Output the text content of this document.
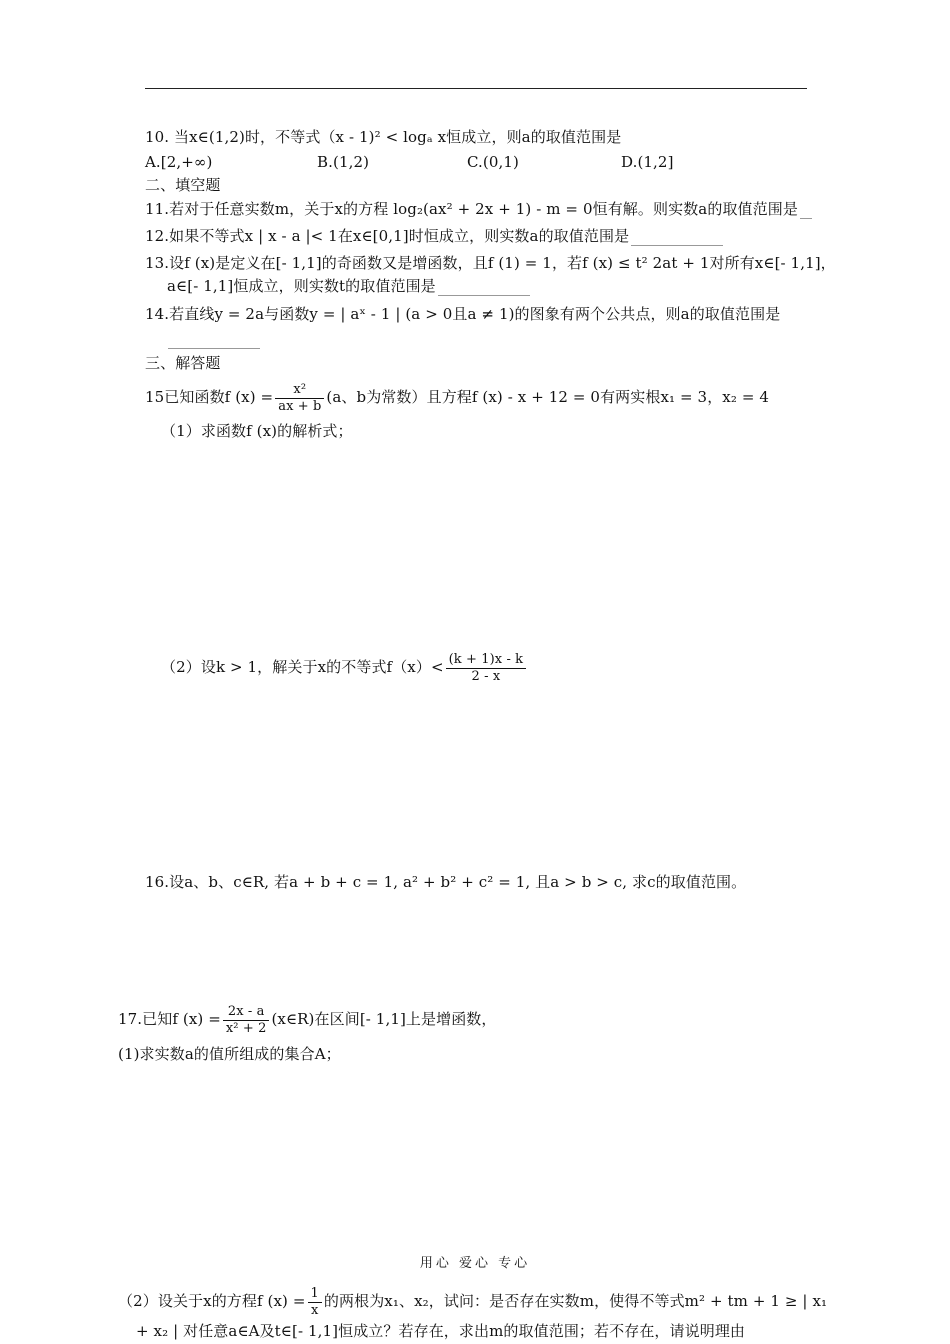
10. 当x∈(1,2)时，不等式（x - 1)² < logₐ x恒成立，则a的取值范围是
A.[2,+∞)	B.(1,2)	C.(0,1)	D.(1,2]
二、填空题
11.若对于任意实数m，关于x的方程 log₂(ax² + 2x + 1) - m = 0恒有解。则实数a的取值范围是
12.如果不等式x | x - a |< 1在x∈[0,1]时恒成立，则实数a的取值范围是
13.设f (x)是定义在[- 1,1]的奇函数又是增函数，且f (1) = 1，若f (x) ≤ t² 2at + 1对所有x∈[- 1,1]，
a∈[- 1,1]恒成立，则实数t的取值范围是
14.若直线y = 2a与函数y = | aˣ - 1 | (a > 0且a ≠ 1)的图象有两个公共点，则a的取值范围是
三、解答题
15已知函数f $(x) = \frac{\text{x²}}{ax + b} (a$、b为常数）且方程f (x) - x + 12 = 0有两实根x₁ = 3，x₂ = 4
（1）求函数f (x)的解析式；
（2）设k > 1，解关于x的不等式$f(x)< \frac{(k + 1)x - k}{2 - x}$
16.设a、b、c∈R, 若a + b + c = 1, a² + b² + c² = 1, 且a > b > c, 求c的取值范围。
17.已知f $(x) = \frac{2x - a}{\text{x² + 2}}$ (x∈R)在区间[- 1,1]上是增函数，
(1)求实数a的值所组成的集合A；
用心 爱心 专心
（2）设关于x的方程f $(x) = \frac{1}{x}$ 的两根为x₁、x₂，试问：是否存在实数m，使得不等式m² + tm + 1 ≥ | x₁
+ x₂ | 对任意a∈A及t∈[- 1,1]恒成立？若存在，求出m的取值范围；若不存在，请说明理由
